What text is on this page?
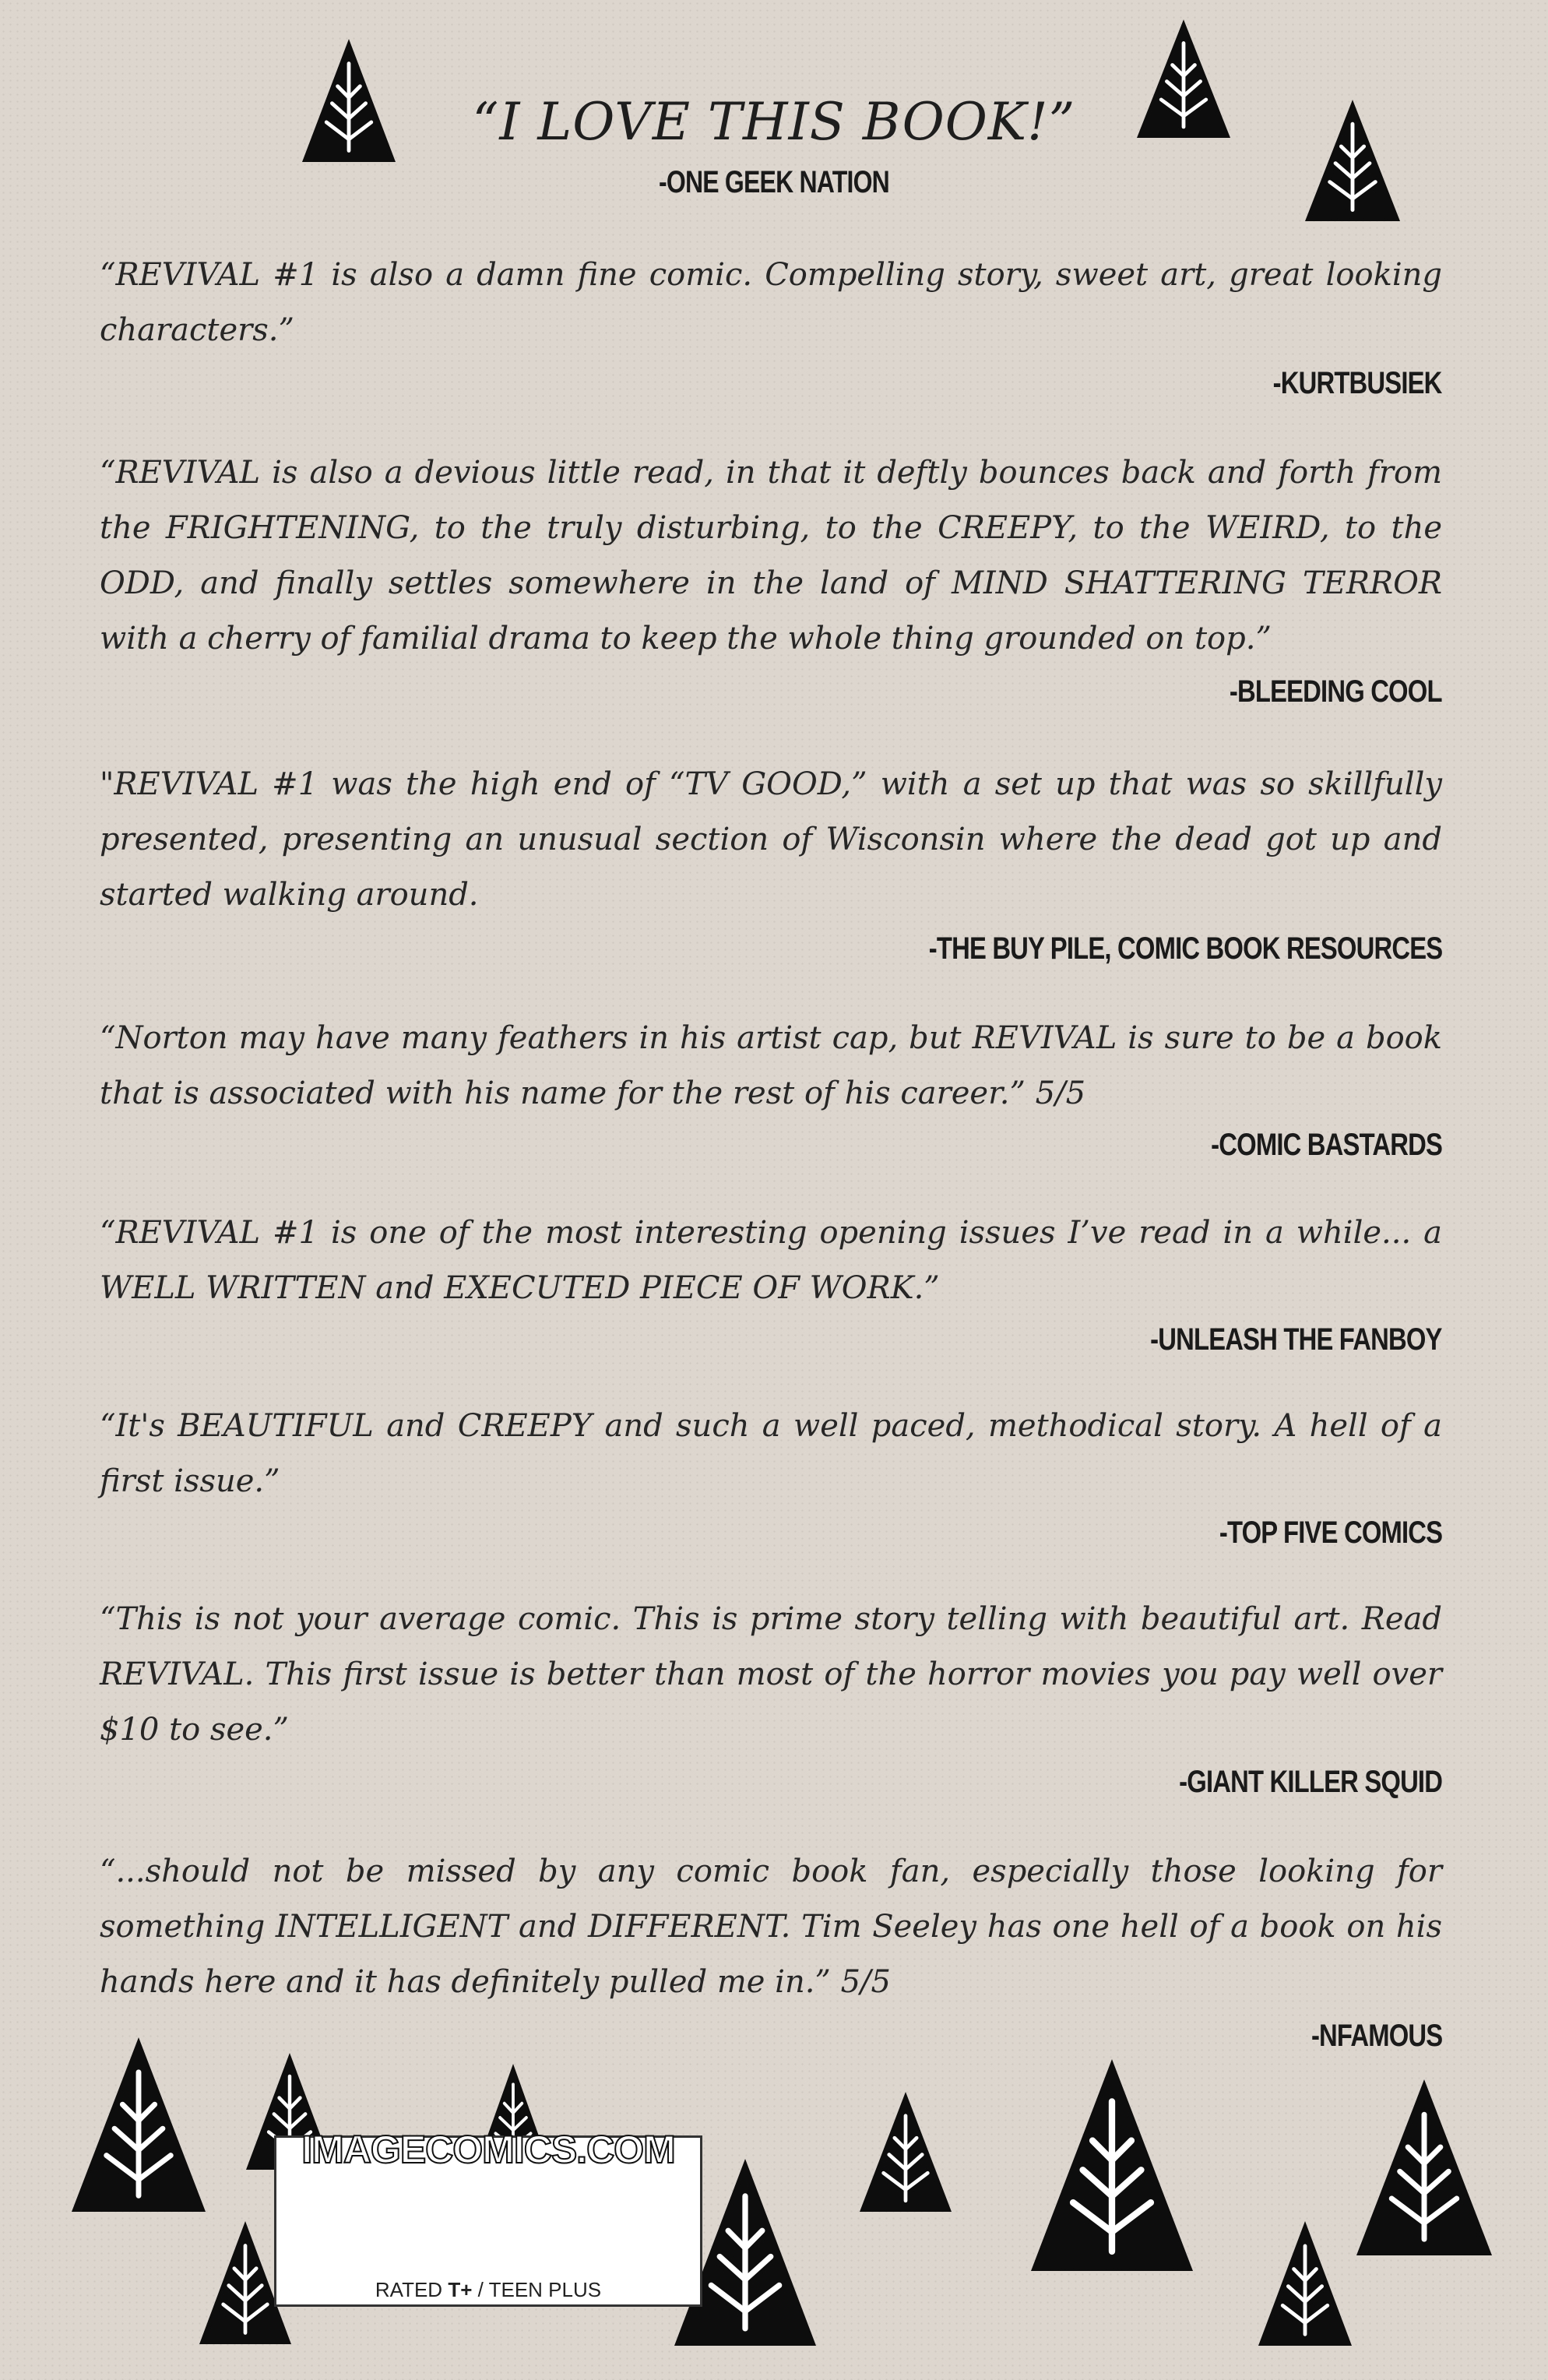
“I LOVE THIS BOOK!”
-ONE GEEK NATION

“REVIVAL #1 is also a damn fine comic. Compelling story, sweet art, great looking characters.”

-KURTBUSIEK

“REVIVAL is also a devious little read, in that it deftly bounces back and forth from the FRIGHTENING, to the truly disturbing, to the CREEPY, to the WEIRD, to the ODD, and finally settles somewhere in the land of MIND SHATTERING TERROR with a cherry of familial drama to keep the whole thing grounded on top.”

-BLEEDING COOL

"REVIVAL #1 was the high end of “TV GOOD,” with a set up that was so skillfully presented, presenting an unusual section of Wisconsin where the dead got up and started walking around.

-THE BUY PILE, COMIC BOOK RESOURCES

“Norton may have many feathers in his artist cap, but REVIVAL is sure to be a book that is associated with his name for the rest of his career.” 5/5

-COMIC BASTARDS

“REVIVAL #1 is one of the most interesting opening issues I’ve read in a while... a WELL WRITTEN and EXECUTED PIECE OF WORK.”

-UNLEASH THE FANBOY

“It's BEAUTIFUL and CREEPY and such a well paced, methodical story. A hell of a first issue.”

-TOP FIVE COMICS

“This is not your average comic. This is prime story telling with beautiful art. Read REVIVAL. This first issue is better than most of the horror movies you pay well over $10 to see.”

-GIANT KILLER SQUID

“...should not be missed by any comic book fan, especially those looking for something INTELLIGENT and DIFFERENT. Tim Seeley has one hell of a book on his hands here and it has definitely pulled me in.” 5/5

-NFAMOUS
IMAGECOMICS.COM
RATED T+ / TEEN PLUS
